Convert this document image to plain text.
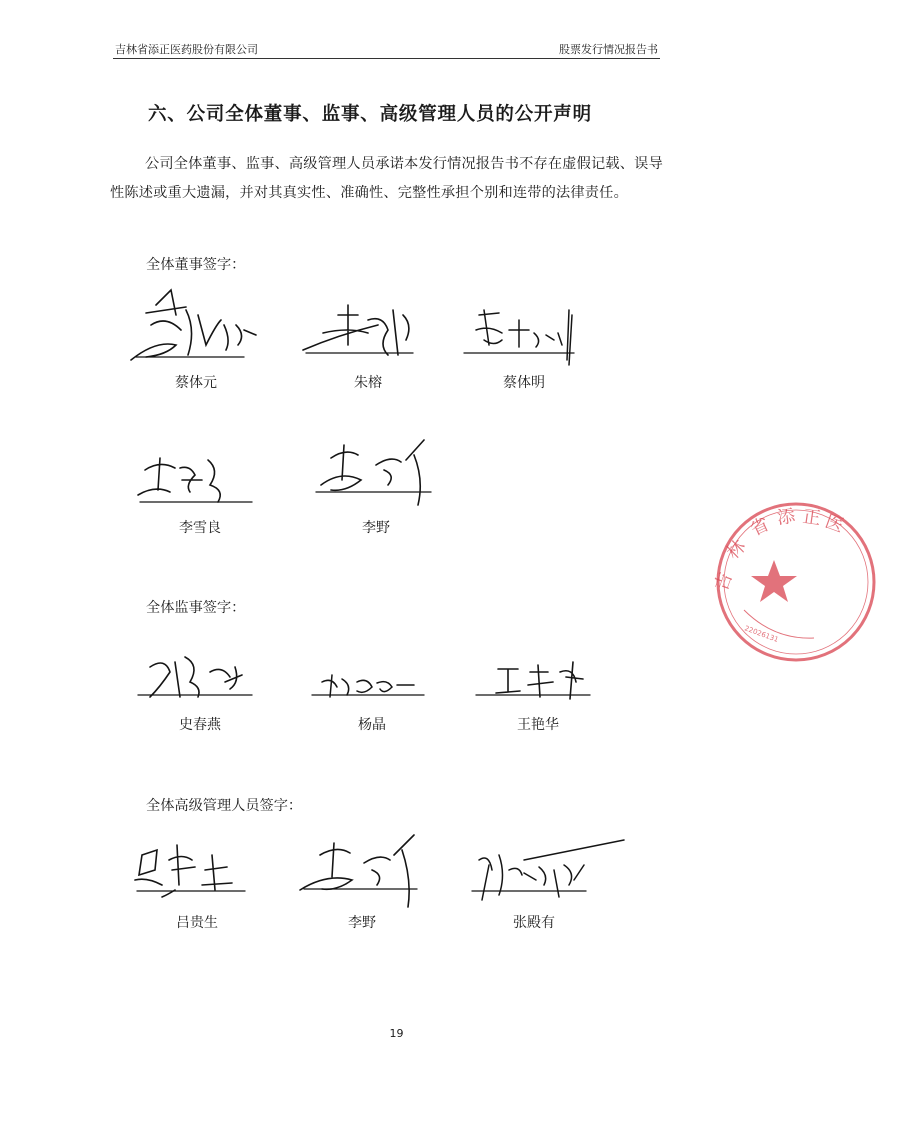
吉林省添正医药股份有限公司	股票发行情况报告书
六、公司全体董事、监事、高级管理人员的公开声明

公司全体董事、监事、高级管理人员承诺本发行情况报告书不存在虚假记载、误导性陈述或重大遗漏，并对其真实性、准确性、完整性承担个别和连带的法律责任。

全体董事签字：
蔡体元	朱榕	蔡体明
李雪良	李野
全体监事签字：
史春燕	杨晶	王艳华
全体高级管理人员签字：
吕贵生	李野	张殿有
吉
林
省 添 正 医
22026131
19
